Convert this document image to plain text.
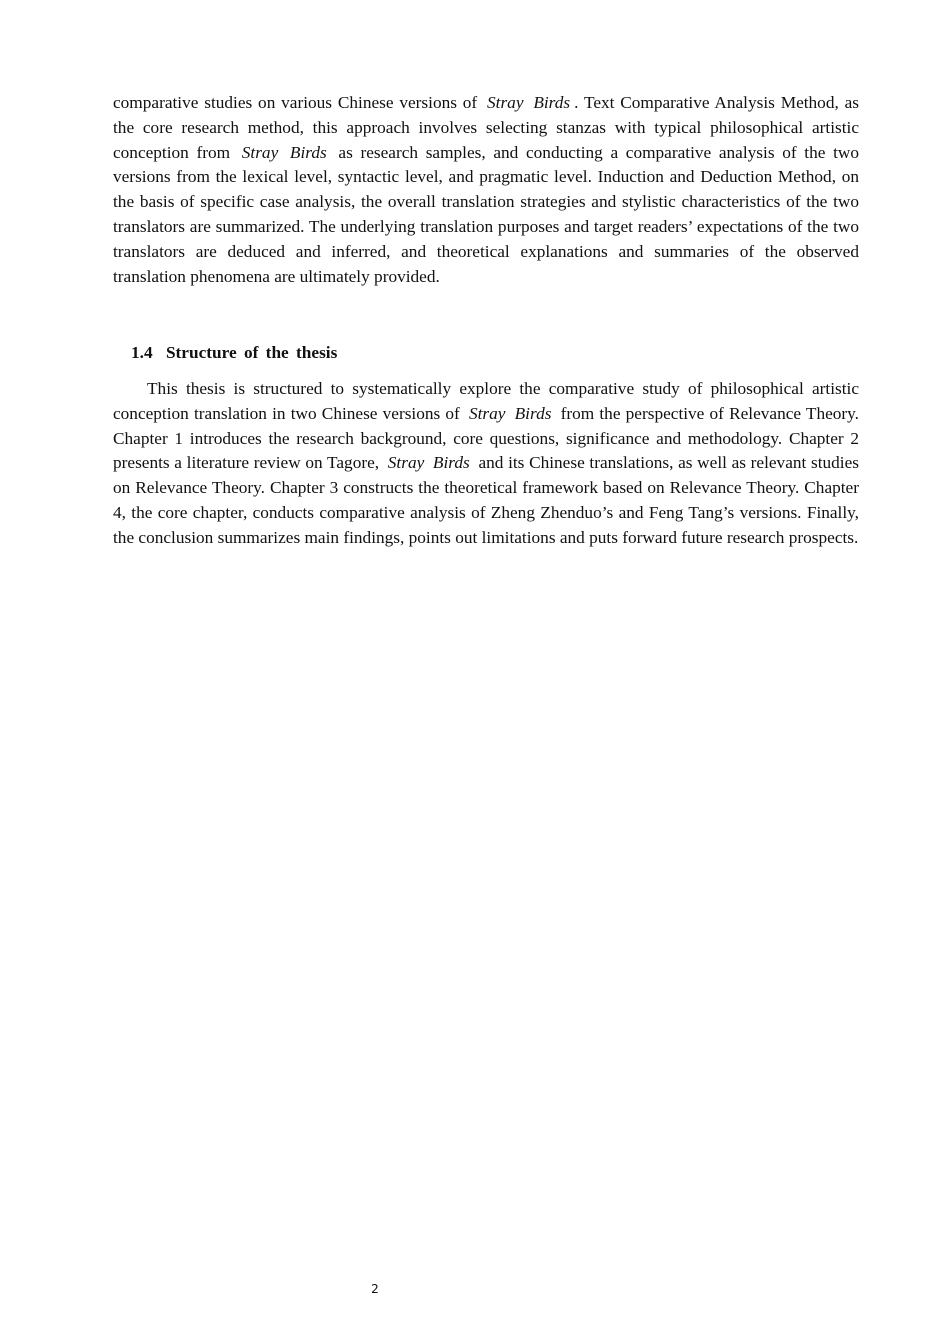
comparative studies on various Chinese versions of Stray Birds . Text Comparative Analysis Method, as the core research method, this approach involves selecting stanzas with typical philosophical artistic conception from Stray Birds as research samples, and conducting a comparative analysis of the two versions from the lexical level, syntactic level, and pragmatic level. Induction and Deduction Method, on the basis of specific case analysis, the overall translation strategies and stylistic characteristics of the two translators are summarized. The underlying translation purposes and target readers’ expectations of the two translators are deduced and inferred, and theoretical explanations and summaries of the observed translation phenomena are ultimately provided.

1.4 Structure of the thesis

This thesis is structured to systematically explore the comparative study of philosophical artistic conception translation in two Chinese versions of Stray Birds from the perspective of Relevance Theory. Chapter 1 introduces the research background, core questions, significance and methodology. Chapter 2 presents a literature review on Tagore, Stray Birds and its Chinese translations, as well as relevant studies on Relevance Theory. Chapter 3 constructs the theoretical framework based on Relevance Theory. Chapter 4, the core chapter, conducts comparative analysis of Zheng Zhenduo’s and Feng Tang’s versions. Finally, the conclusion summarizes main findings, points out limitations and puts forward future research prospects.

2
